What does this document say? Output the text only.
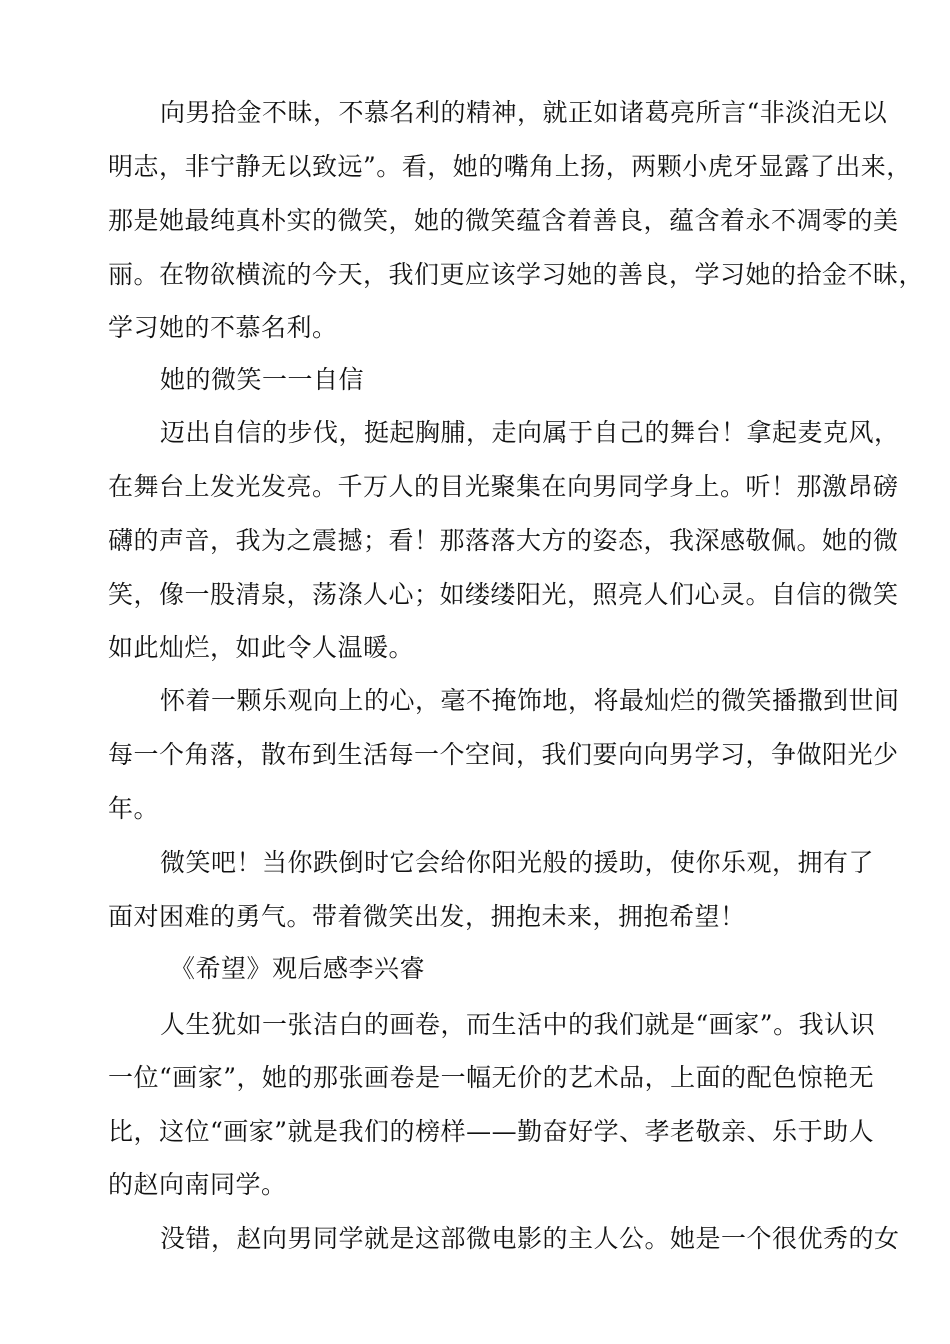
向男拾金不昧，不慕名利的精神，就正如诸葛亮所言“非淡泊无以
明志，非宁静无以致远”。看，她的嘴角上扬，两颗小虎牙显露了出来，
那是她最纯真朴实的微笑，她的微笑蕴含着善良，蕴含着永不凋零的美
丽。在物欲横流的今天，我们更应该学习她的善良，学习她的拾金不昧，
学习她的不慕名利。
她的微笑一一自信
迈出自信的步伐，挺起胸脯，走向属于自己的舞台！拿起麦克风，
在舞台上发光发亮。千万人的目光聚集在向男同学身上。听！那激昂磅
礴的声音，我为之震撼；看！那落落大方的姿态，我深感敬佩。她的微
笑，像一股清泉，荡涤人心；如缕缕阳光，照亮人们心灵。自信的微笑
如此灿烂，如此令人温暖。
怀着一颗乐观向上的心，毫不掩饰地，将最灿烂的微笑播撒到世间
每一个角落，散布到生活每一个空间，我们要向向男学习，争做阳光少
年。
微笑吧！当你跌倒时它会给你阳光般的援助，使你乐观，拥有了
面对困难的勇气。带着微笑出发，拥抱未来，拥抱希望！
《希望》观后感李兴睿
人生犹如一张洁白的画卷，而生活中的我们就是“画家”。我认识
一位“画家”，她的那张画卷是一幅无价的艺术品，上面的配色惊艳无
比，这位“画家”就是我们的榜样——勤奋好学、孝老敬亲、乐于助人
的赵向南同学。
没错，赵向男同学就是这部微电影的主人公。她是一个很优秀的女
